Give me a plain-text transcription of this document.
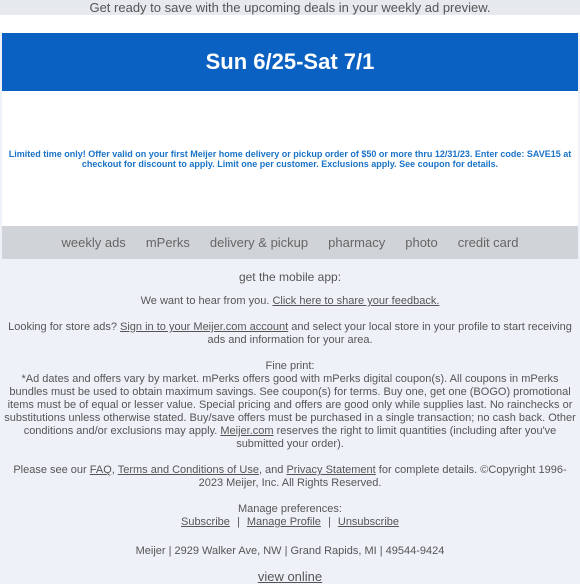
Get ready to save with the upcoming deals in your weekly ad preview.
Sun 6/25-Sat 7/1

Limited time only! Offer valid on your first Meijer home delivery or pickup order of $50 or more thru 12/31/23. Enter code: SAVE15 at checkout for discount to apply. Limit one per customer. Exclusions apply. See coupon for details.

weekly ads mPerks delivery & pickup pharmacy photo credit card

get the mobile app:

We want to hear from you. Click here to share your feedback.

Looking for store ads? Sign in to your Meijer.com account and select your local store in your profile to start receiving ads and information for your area.

Fine print:

*Ad dates and offers vary by market. mPerks offers good with mPerks digital coupon(s). All coupons in mPerks bundles must be used to obtain maximum savings. See coupon(s) for terms. Buy one, get one (BOGO) promotional items must be of equal or lesser value. Special pricing and offers are good only while supplies last. No rainchecks or substitutions unless otherwise stated. Buy/save offers must be purchased in a single transaction; no cash back. Other conditions and/or exclusions may apply. Meijer.com reserves the right to limit quantities (including after you've submitted your order).

Please see our FAQ, Terms and Conditions of Use, and Privacy Statement for complete details. ©Copyright 1996-2023 Meijer, Inc. All Rights Reserved.

Manage preferences:

Subscribe | Manage Profile | Unsubscribe

Meijer | 2929 Walker Ave, NW | Grand Rapids, MI | 49544-9424

view online
